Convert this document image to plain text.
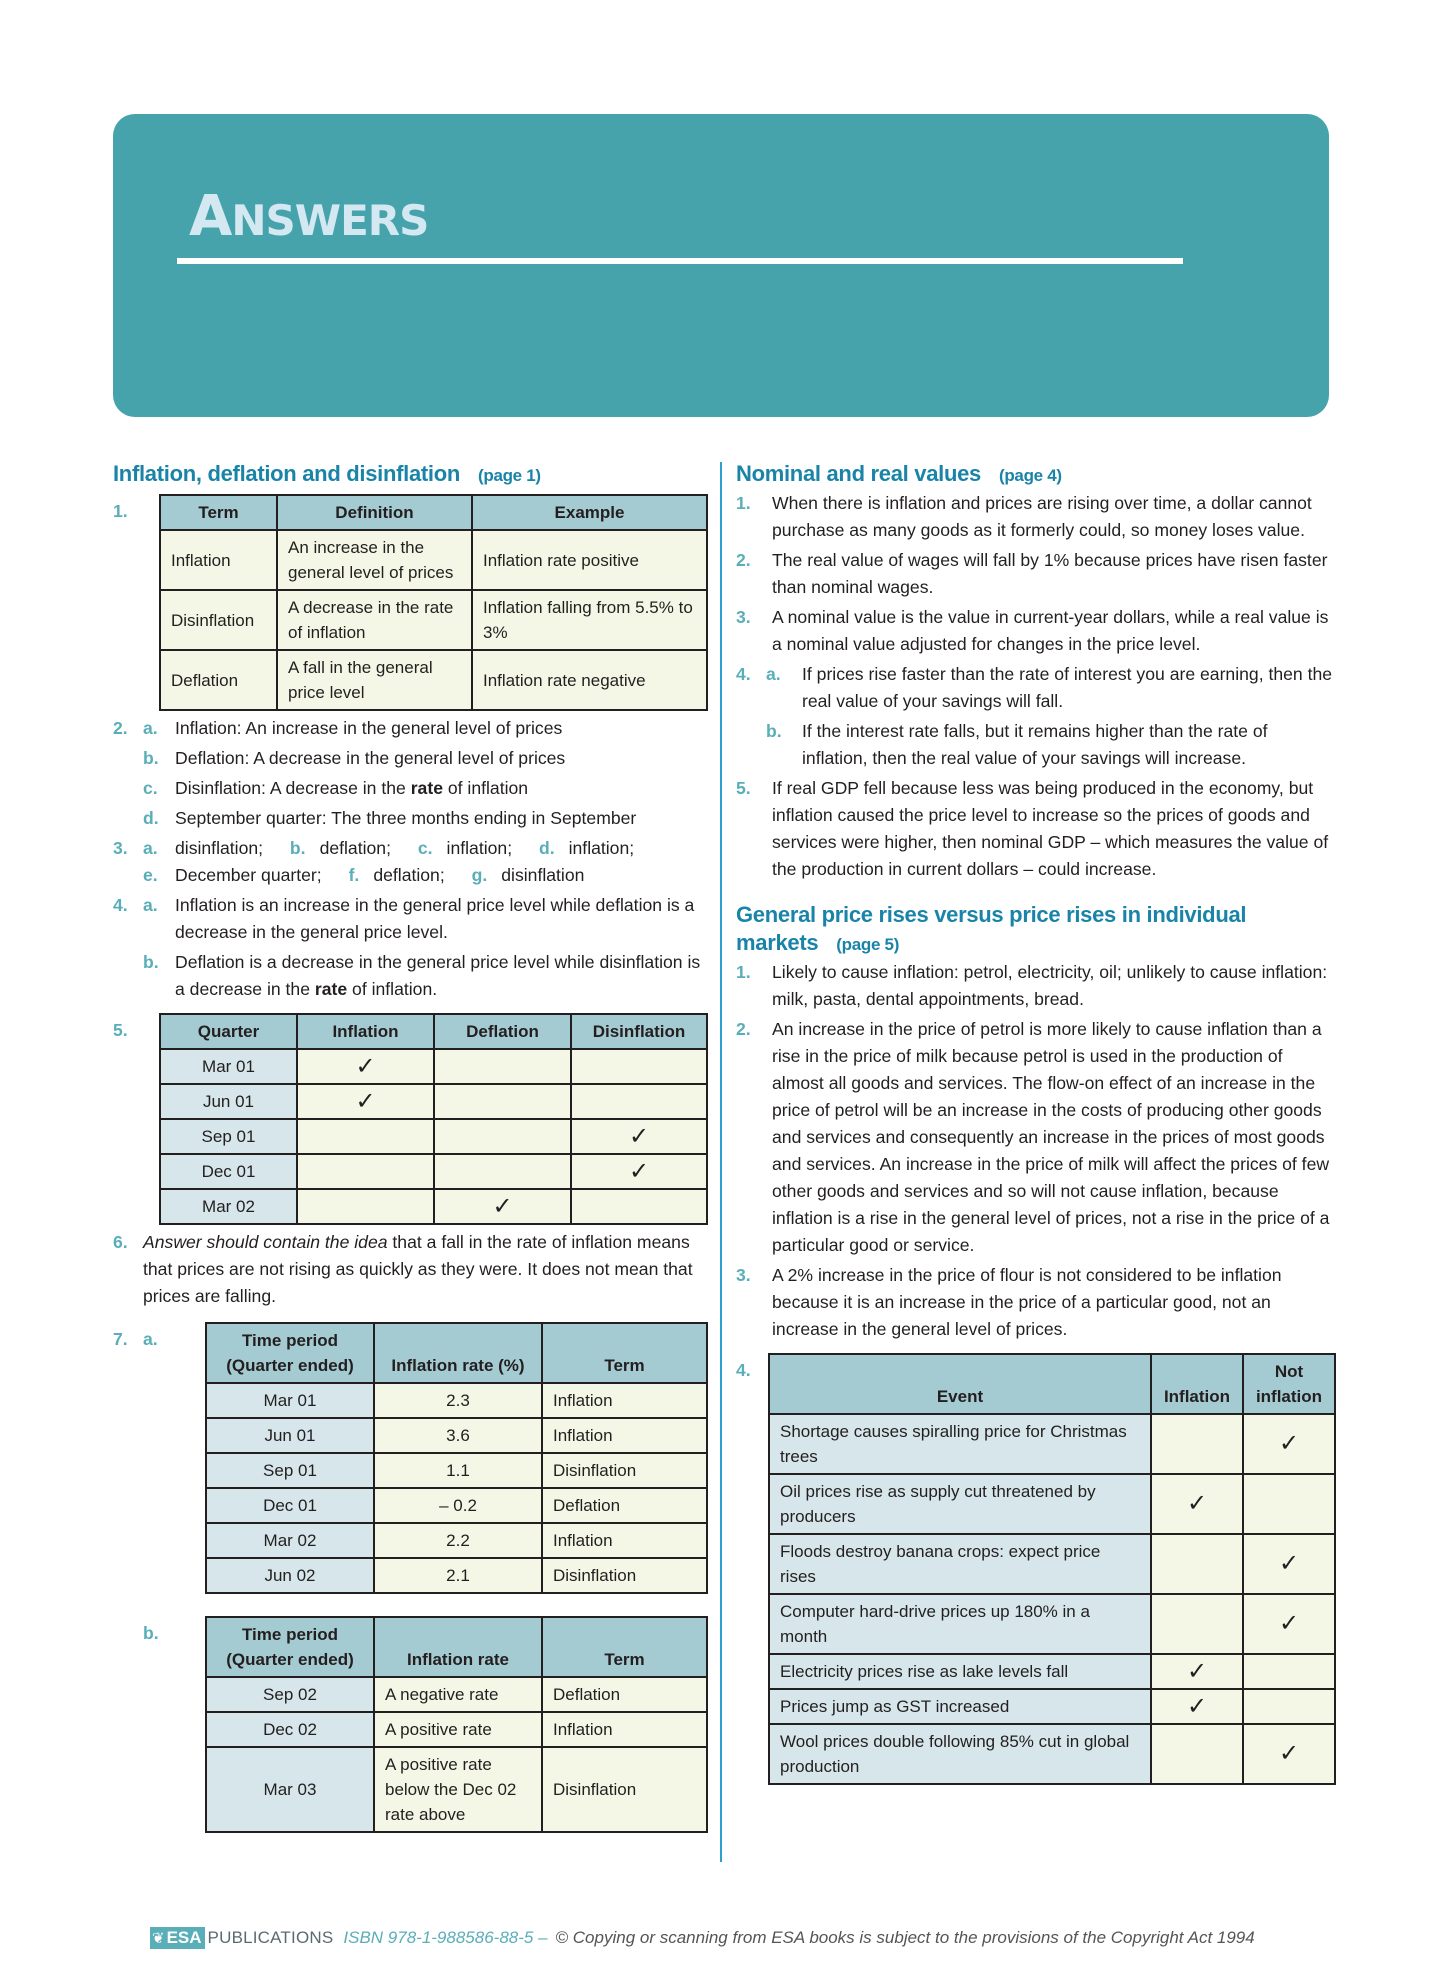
ANSWERS
Inflation, deflation and disinflation (page 1)
1.	Term	Definition	Example
Inflation	An increase in the general level of prices	Inflation rate positive
Disinflation	A decrease in the rate of inflation	Inflation falling from 5.5% to 3%
Deflation	A fall in the general price level	Inflation rate negative
2. a. Inflation: An increase in the general level of prices
b. Deflation: A decrease in the general level of prices
c. Disinflation: A decrease in the rate of inflation
d. September quarter: The three months ending in September
3. a. disinflation; b. deflation; c. inflation; d. inflation;
e. December quarter; f. deflation; g. disinflation
4. a. Inflation is an increase in the general price level while deflation is a decrease in the general price level.
b. Deflation is a decrease in the general price level while disinflation is a decrease in the rate of inflation.
5.	Quarter	Inflation	Deflation	Disinflation
Mar 01	✓		
Jun 01	✓		
Sep 01			✓
Dec 01			✓
Mar 02		✓	
6. Answer should contain the idea that a fall in the rate of inflation means that prices are not rising as quickly as they were. It does not mean that prices are falling.
7. a.	Time period (Quarter ended)	Inflation rate (%)	Term
Mar 01	2.3	Inflation
Jun 01	3.6	Inflation
Sep 01	1.1	Disinflation
Dec 01	– 0.2	Deflation
Mar 02	2.2	Inflation
Jun 02	2.1	Disinflation
b.	Time period (Quarter ended)	Inflation rate	Term
Sep 02	A negative rate	Deflation
Dec 02	A positive rate	Inflation
Mar 03	A positive rate below the Dec 02 rate above	Disinflation
Nominal and real values (page 4)
1. When there is inflation and prices are rising over time, a dollar cannot purchase as many goods as it formerly could, so money loses value.
2. The real value of wages will fall by 1% because prices have risen faster than nominal wages.
3. A nominal value is the value in current-year dollars, while a real value is a nominal value adjusted for changes in the price level.
4. a. If prices rise faster than the rate of interest you are earning, then the real value of your savings will fall.
b. If the interest rate falls, but it remains higher than the rate of inflation, then the real value of your savings will increase.
5. If real GDP fell because less was being produced in the economy, but inflation caused the price level to increase so the prices of goods and services were higher, then nominal GDP – which measures the value of the production in current dollars – could increase.
General price rises versus price rises in individual markets (page 5)
1. Likely to cause inflation: petrol, electricity, oil; unlikely to cause inflation: milk, pasta, dental appointments, bread.
2. An increase in the price of petrol is more likely to cause inflation than a rise in the price of milk because petrol is used in the production of almost all goods and services. The flow-on effect of an increase in the price of petrol will be an increase in the costs of producing other goods and services and consequently an increase in the prices of most goods and services. An increase in the price of milk will affect the prices of few other goods and services and so will not cause inflation, because inflation is a rise in the general level of prices, not a rise in the price of a particular good or service.
3. A 2% increase in the price of flour is not considered to be inflation because it is an increase in the price of a particular good, not an increase in the general level of prices.
4.
Event	Inflation	Not inflation
Shortage causes spiralling price for Christmas trees		✓
Oil prices rise as supply cut threatened by producers	✓	
Floods destroy banana crops: expect price rises		✓
Computer hard-drive prices up 180% in a month		✓
Electricity prices rise as lake levels fall	✓	
Prices jump as GST increased	✓	
Wool prices double following 85% cut in global production		✓
❦ ESA PUBLICATIONS ISBN 978-1-988586-88-5 – © Copying or scanning from ESA books is subject to the provisions of the Copyright Act 1994
